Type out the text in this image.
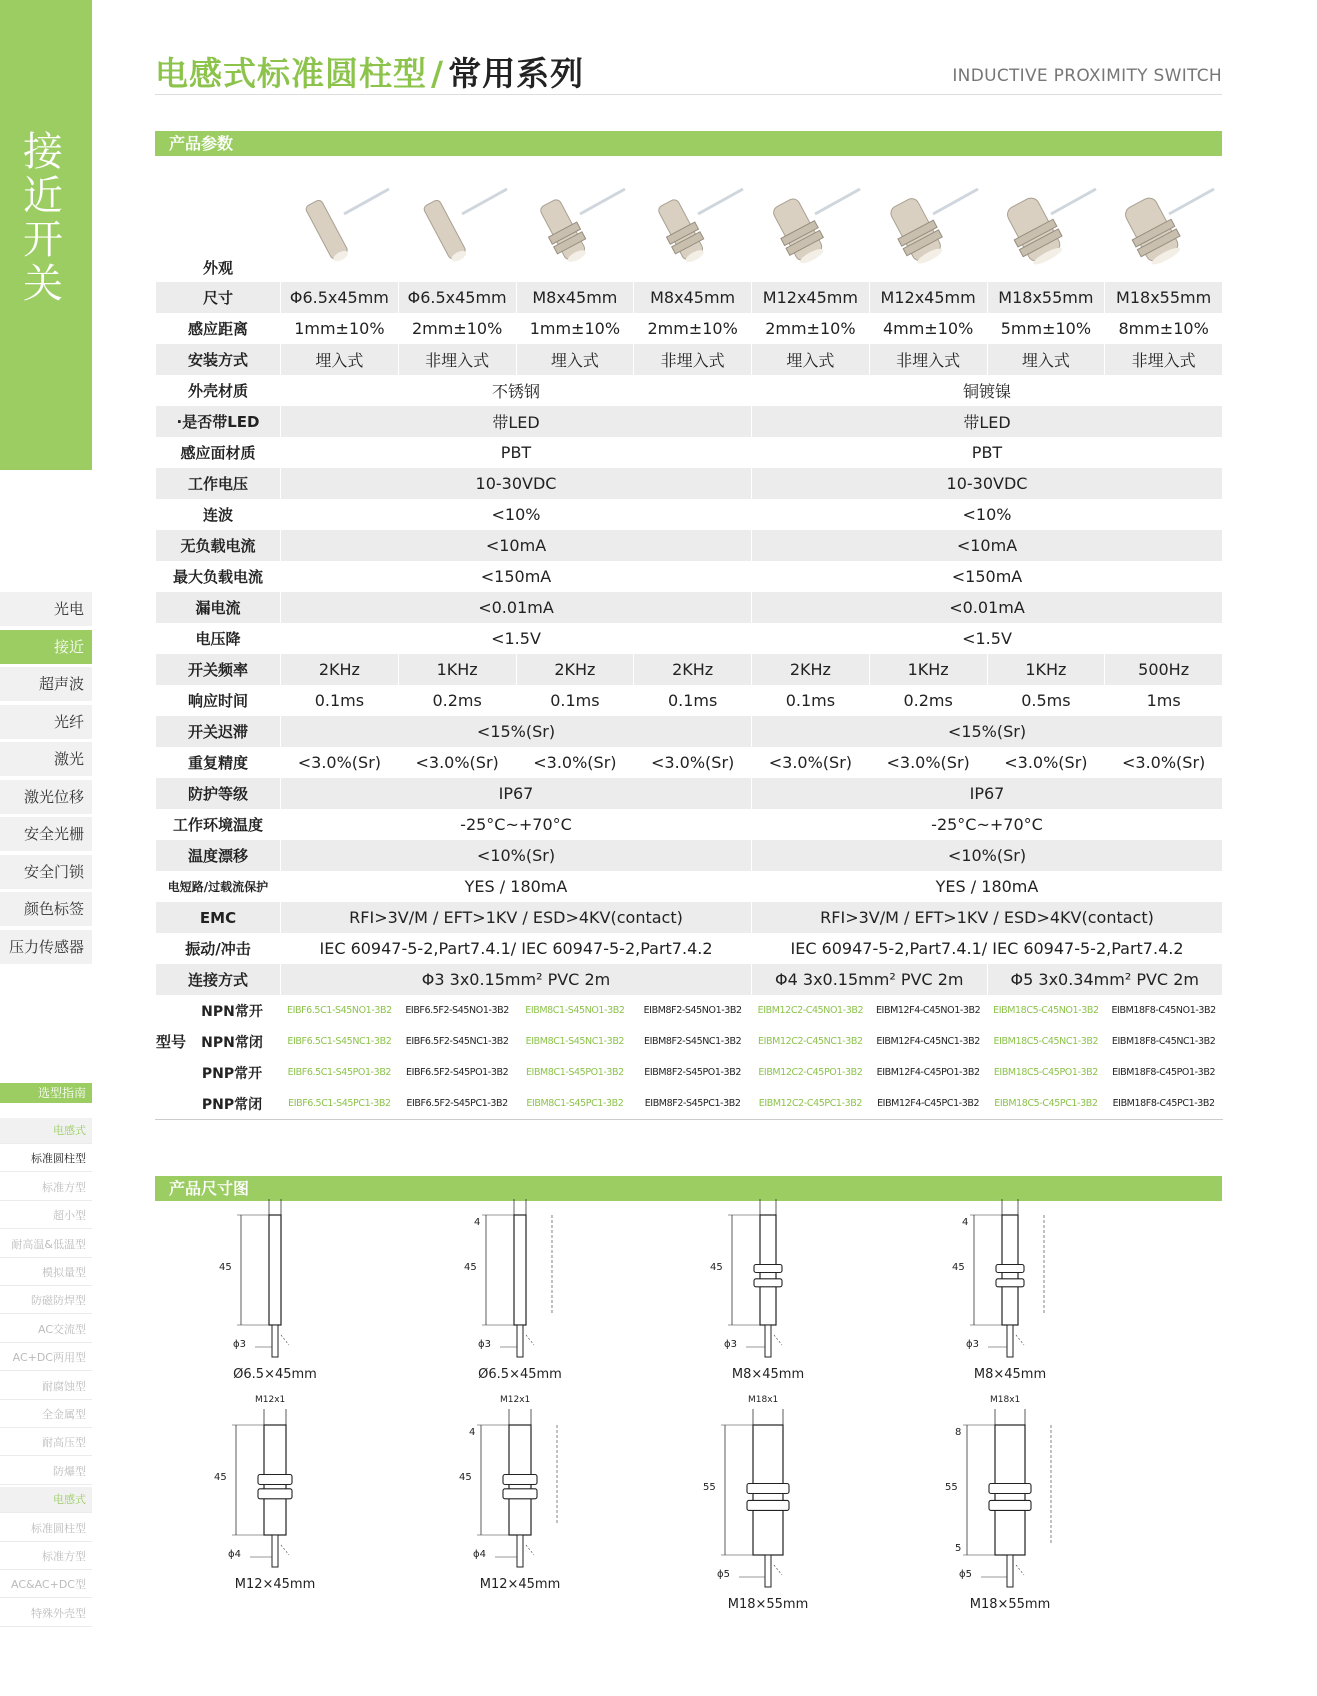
接近开关
光电
接近
超声波
光纤
激光
激光位移
安全光栅
安全门锁
颜色标签
压力传感器
选型指南
电感式
标准圆柱型
标准方型
超小型
耐高温&低温型
模拟量型
防磁防焊型
AC交流型
AC+DC两用型
耐腐蚀型
全金属型
耐高压型
防爆型
电感式
标准圆柱型
标准方型
AC&AC+DC型
特殊外壳型
电感式标准圆柱型 / 常用系列	INDUCTIVE PROXIMITY SWITCH
产品参数
外观								
尺寸	Φ6.5x45mm	Φ6.5x45mm	M8x45mm	M8x45mm	M12x45mm	M12x45mm	M18x55mm	M18x55mm
感应距离	1mm±10%	2mm±10%	1mm±10%	2mm±10%	2mm±10%	4mm±10%	5mm±10%	8mm±10%
安装方式	埋入式	非埋入式	埋入式	非埋入式	埋入式	非埋入式	埋入式	非埋入式
外壳材质	不锈钢				铜镀镍			
·是否带LED	带LED				带LED			
感应面材质	PBT				PBT			
工作电压	10-30VDC				10-30VDC			
连波	<10%				<10%			
无负载电流	<10mA				<10mA			
最大负载电流	<150mA				<150mA			
漏电流	<0.01mA				<0.01mA			
电压降	<1.5V				<1.5V			
开关频率	2KHz	1KHz	2KHz	2KHz	2KHz	1KHz	1KHz	500Hz
响应时间	0.1ms	0.2ms	0.1ms	0.1ms	0.1ms	0.2ms	0.5ms	1ms
开关迟滞	<15%(Sr)				<15%(Sr)			
重复精度	<3.0%(Sr)	<3.0%(Sr)	<3.0%(Sr)	<3.0%(Sr)	<3.0%(Sr)	<3.0%(Sr)	<3.0%(Sr)	<3.0%(Sr)
防护等级	IP67				IP67			
工作环境温度	-25°C~+70°C				-25°C~+70°C			
温度漂移	<10%(Sr)				<10%(Sr)			
电短路/过载流保护	YES / 180mA				YES / 180mA			
EMC	RFI>3V/M / EFT>1KV / ESD>4KV(contact)				RFI>3V/M / EFT>1KV / ESD>4KV(contact)			
振动/冲击	IEC 60947-5-2,Part7.4.1/ IEC 60947-5-2,Part7.4.2				IEC 60947-5-2,Part7.4.1/ IEC 60947-5-2,Part7.4.2			
连接方式	Φ3 3x0.15mm² PVC 2m				Φ4 3x0.15mm² PVC 2m		Φ5 3x0.34mm² PVC 2m	

NPN常开	EIBF6.5C1-S45NO1-3B2	EIBF6.5F2-S45NO1-3B2	EIBM8C1-S45NO1-3B2	EIBM8F2-S45NO1-3B2	EIBM12C2-C45NO1-3B2	EIBM12F4-C45NO1-3B2	EIBM18C5-C45NO1-3B2	EIBM18F8-C45NO1-3B2

型号 NPN常闭	EIBF6.5C1-S45NC1-3B2	EIBF6.5F2-S45NC1-3B2	EIBM8C1-S45NC1-3B2	EIBM8F2-S45NC1-3B2	EIBM12C2-C45NC1-3B2	EIBM12F4-C45NC1-3B2	EIBM18C5-C45NC1-3B2	EIBM18F8-C45NC1-3B2

PNP常开	EIBF6.5C1-S45PO1-3B2	EIBF6.5F2-S45PO1-3B2	EIBM8C1-S45PO1-3B2	EIBM8F2-S45PO1-3B2	EIBM12C2-C45PO1-3B2	EIBM12F4-C45PO1-3B2	EIBM18C5-C45PO1-3B2	EIBM18F8-C45PO1-3B2

PNP常闭	EIBF6.5C1-S45PC1-3B2	EIBF6.5F2-S45PC1-3B2	EIBM8C1-S45PC1-3B2	EIBM8F2-S45PC1-3B2	EIBM12C2-C45PC1-3B2	EIBM12F4-C45PC1-3B2	EIBM18C5-C45PC1-3B2	EIBM18F8-C45PC1-3B2
产品尺寸图
45
ϕ3
Ø6.5×45mm
45
ϕ3
4
Ø6.5×45mm
45
ϕ3
M8×45mm
45
ϕ3
4
M8×45mm
45
ϕ4
M12x1
M12×45mm
45
ϕ4
4
M12x1
M12×45mm
55
ϕ5
M18x1
M18×55mm
55
ϕ5
8
5
M18x1
M18×55mm
